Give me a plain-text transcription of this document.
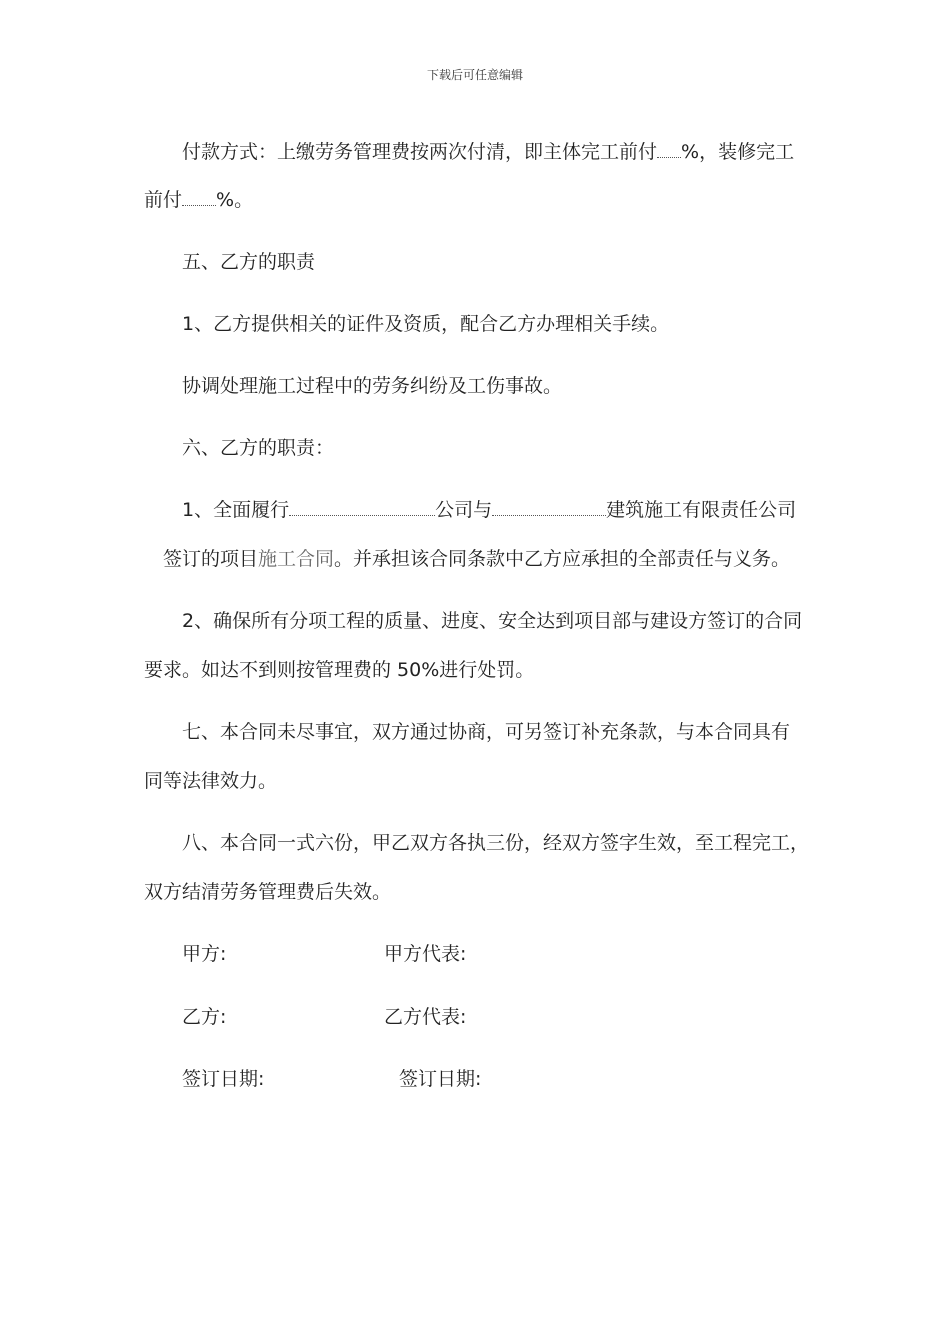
下载后可任意编辑
付款方式：上缴劳务管理费按两次付清，即主体完工前付 %，装修完工
前付 %。
五、乙方的职责
1、乙方提供相关的证件及资质，配合乙方办理相关手续。
协调处理施工过程中的劳务纠纷及工伤事故。
六、乙方的职责：
1、全面履行	公司与	建筑施工有限责任公司
签订的项目施工合同。并承担该合同条款中乙方应承担的全部责任与义务。
2、确保所有分项工程的质量、进度、安全达到项目部与建设方签订的合同
要求。如达不到则按管理费的 50%进行处罚。
七、本合同未尽事宜，双方通过协商，可另签订补充条款，与本合同具有
同等法律效力。
八、本合同一式六份，甲乙双方各执三份，经双方签字生效，至工程完工，
双方结清劳务管理费后失效。
甲方:	甲方代表:
乙方:	乙方代表:
签订日期:	签订日期:
